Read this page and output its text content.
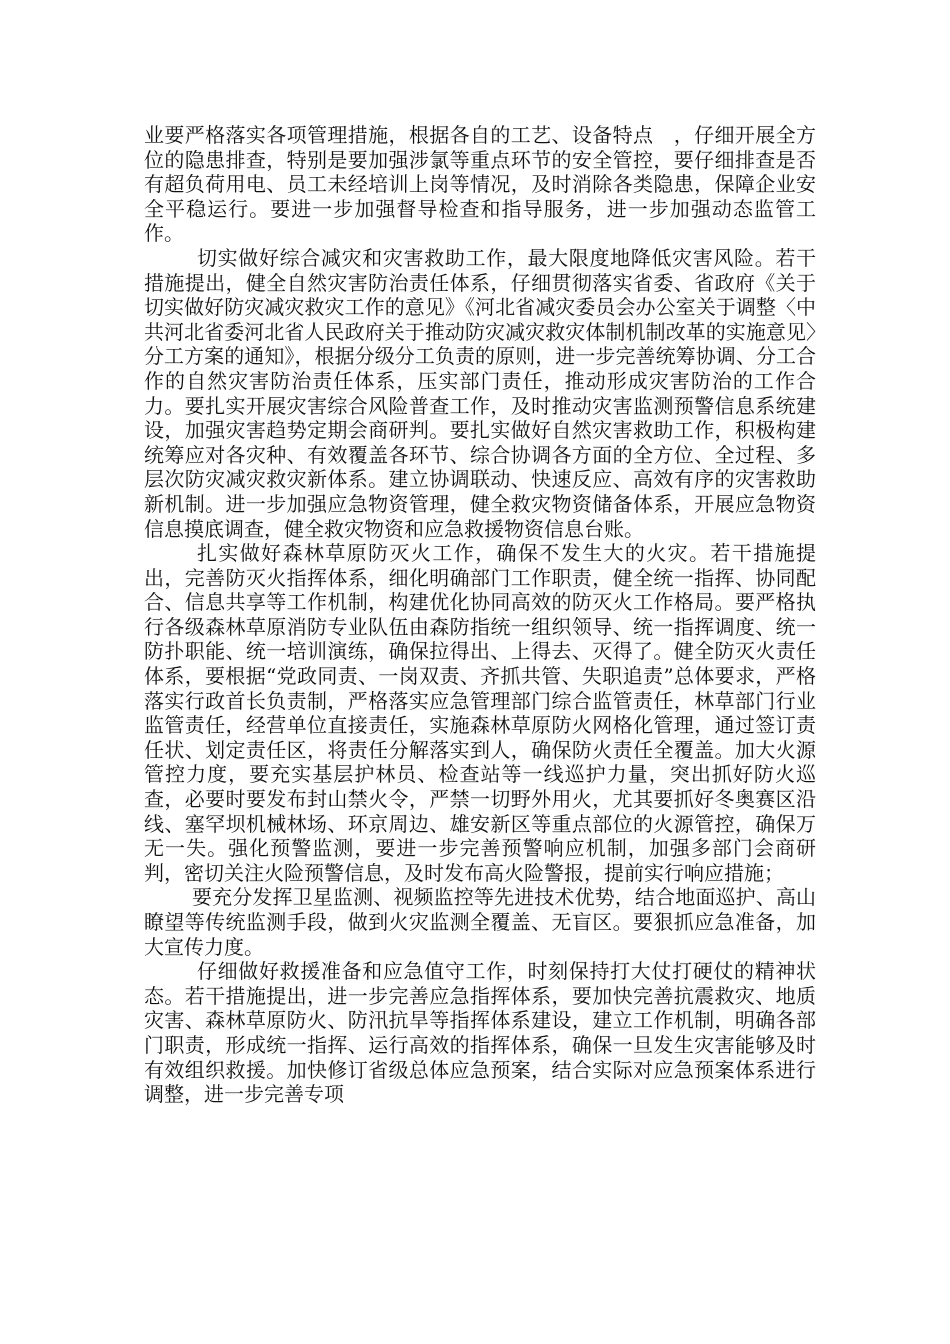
业要严格落实各项管理措施，根据各自的工艺、设备特点　，仔细开展全方位的隐患排查，特别是要加强涉氯等重点环节的安全管控，要仔细排查是否有超负荷用电、员工未经培训上岗等情况，及时消除各类隐患，保障企业安全平稳运行。要进一步加强督导检查和指导服务，进一步加强动态监管工作。

切实做好综合减灾和灾害救助工作，最大限度地降低灾害风险。若干措施提出，健全自然灾害防治责任体系，仔细贯彻落实省委、省政府《关于切实做好防灾减灾救灾工作的意见》《河北省减灾委员会办公室关于调整〈中共河北省委河北省人民政府关于推动防灾减灾救灾体制机制改革的实施意见〉分工方案的通知》，根据分级分工负责的原则，进一步完善统筹协调、分工合作的自然灾害防治责任体系，压实部门责任，推动形成灾害防治的工作合力。要扎实开展灾害综合风险普查工作，及时推动灾害监测预警信息系统建设，加强灾害趋势定期会商研判。要扎实做好自然灾害救助工作，积极构建统筹应对各灾种、有效覆盖各环节、综合协调各方面的全方位、全过程、多层次防灾减灾救灾新体系。建立协调联动、快速反应、高效有序的灾害救助新机制。进一步加强应急物资管理，健全救灾物资储备体系，开展应急物资信息摸底调查，健全救灾物资和应急救援物资信息台账。

扎实做好森林草原防灭火工作，确保不发生大的火灾。若干措施提出，完善防灭火指挥体系，细化明确部门工作职责，健全统一指挥、协同配合、信息共享等工作机制，构建优化协同高效的防灭火工作格局。要严格执行各级森林草原消防专业队伍由森防指统一组织领导、统一指挥调度、统一防扑职能、统一培训演练，确保拉得出、上得去、灭得了。健全防灭火责任体系，要根据“党政同责、一岗双责、齐抓共管、失职追责”总体要求，严格落实行政首长负责制，严格落实应急管理部门综合监管责任，林草部门行业监管责任，经营单位直接责任，实施森林草原防火网格化管理，通过签订责任状、划定责任区，将责任分解落实到人，确保防火责任全覆盖。加大火源管控力度，要充实基层护林员、检查站等一线巡护力量，突出抓好防火巡查，必要时要发布封山禁火令，严禁一切野外用火，尤其要抓好冬奥赛区沿线、塞罕坝机械林场、环京周边、雄安新区等重点部位的火源管控，确保万无一失。强化预警监测，要进一步完善预警响应机制，加强多部门会商研判，密切关注火险预警信息，及时发布高火险警报，提前实行响应措施；

要充分发挥卫星监测、视频监控等先进技术优势，结合地面巡护、高山瞭望等传统监测手段，做到火灾监测全覆盖、无盲区。要狠抓应急准备，加大宣传力度。

仔细做好救援准备和应急值守工作，时刻保持打大仗打硬仗的精神状态。若干措施提出，进一步完善应急指挥体系，要加快完善抗震救灾、地质灾害、森林草原防火、防汛抗旱等指挥体系建设，建立工作机制，明确各部门职责，形成统一指挥、运行高效的指挥体系，确保一旦发生灾害能够及时有效组织救援。加快修订省级总体应急预案，结合实际对应急预案体系进行调整，进一步完善专项
